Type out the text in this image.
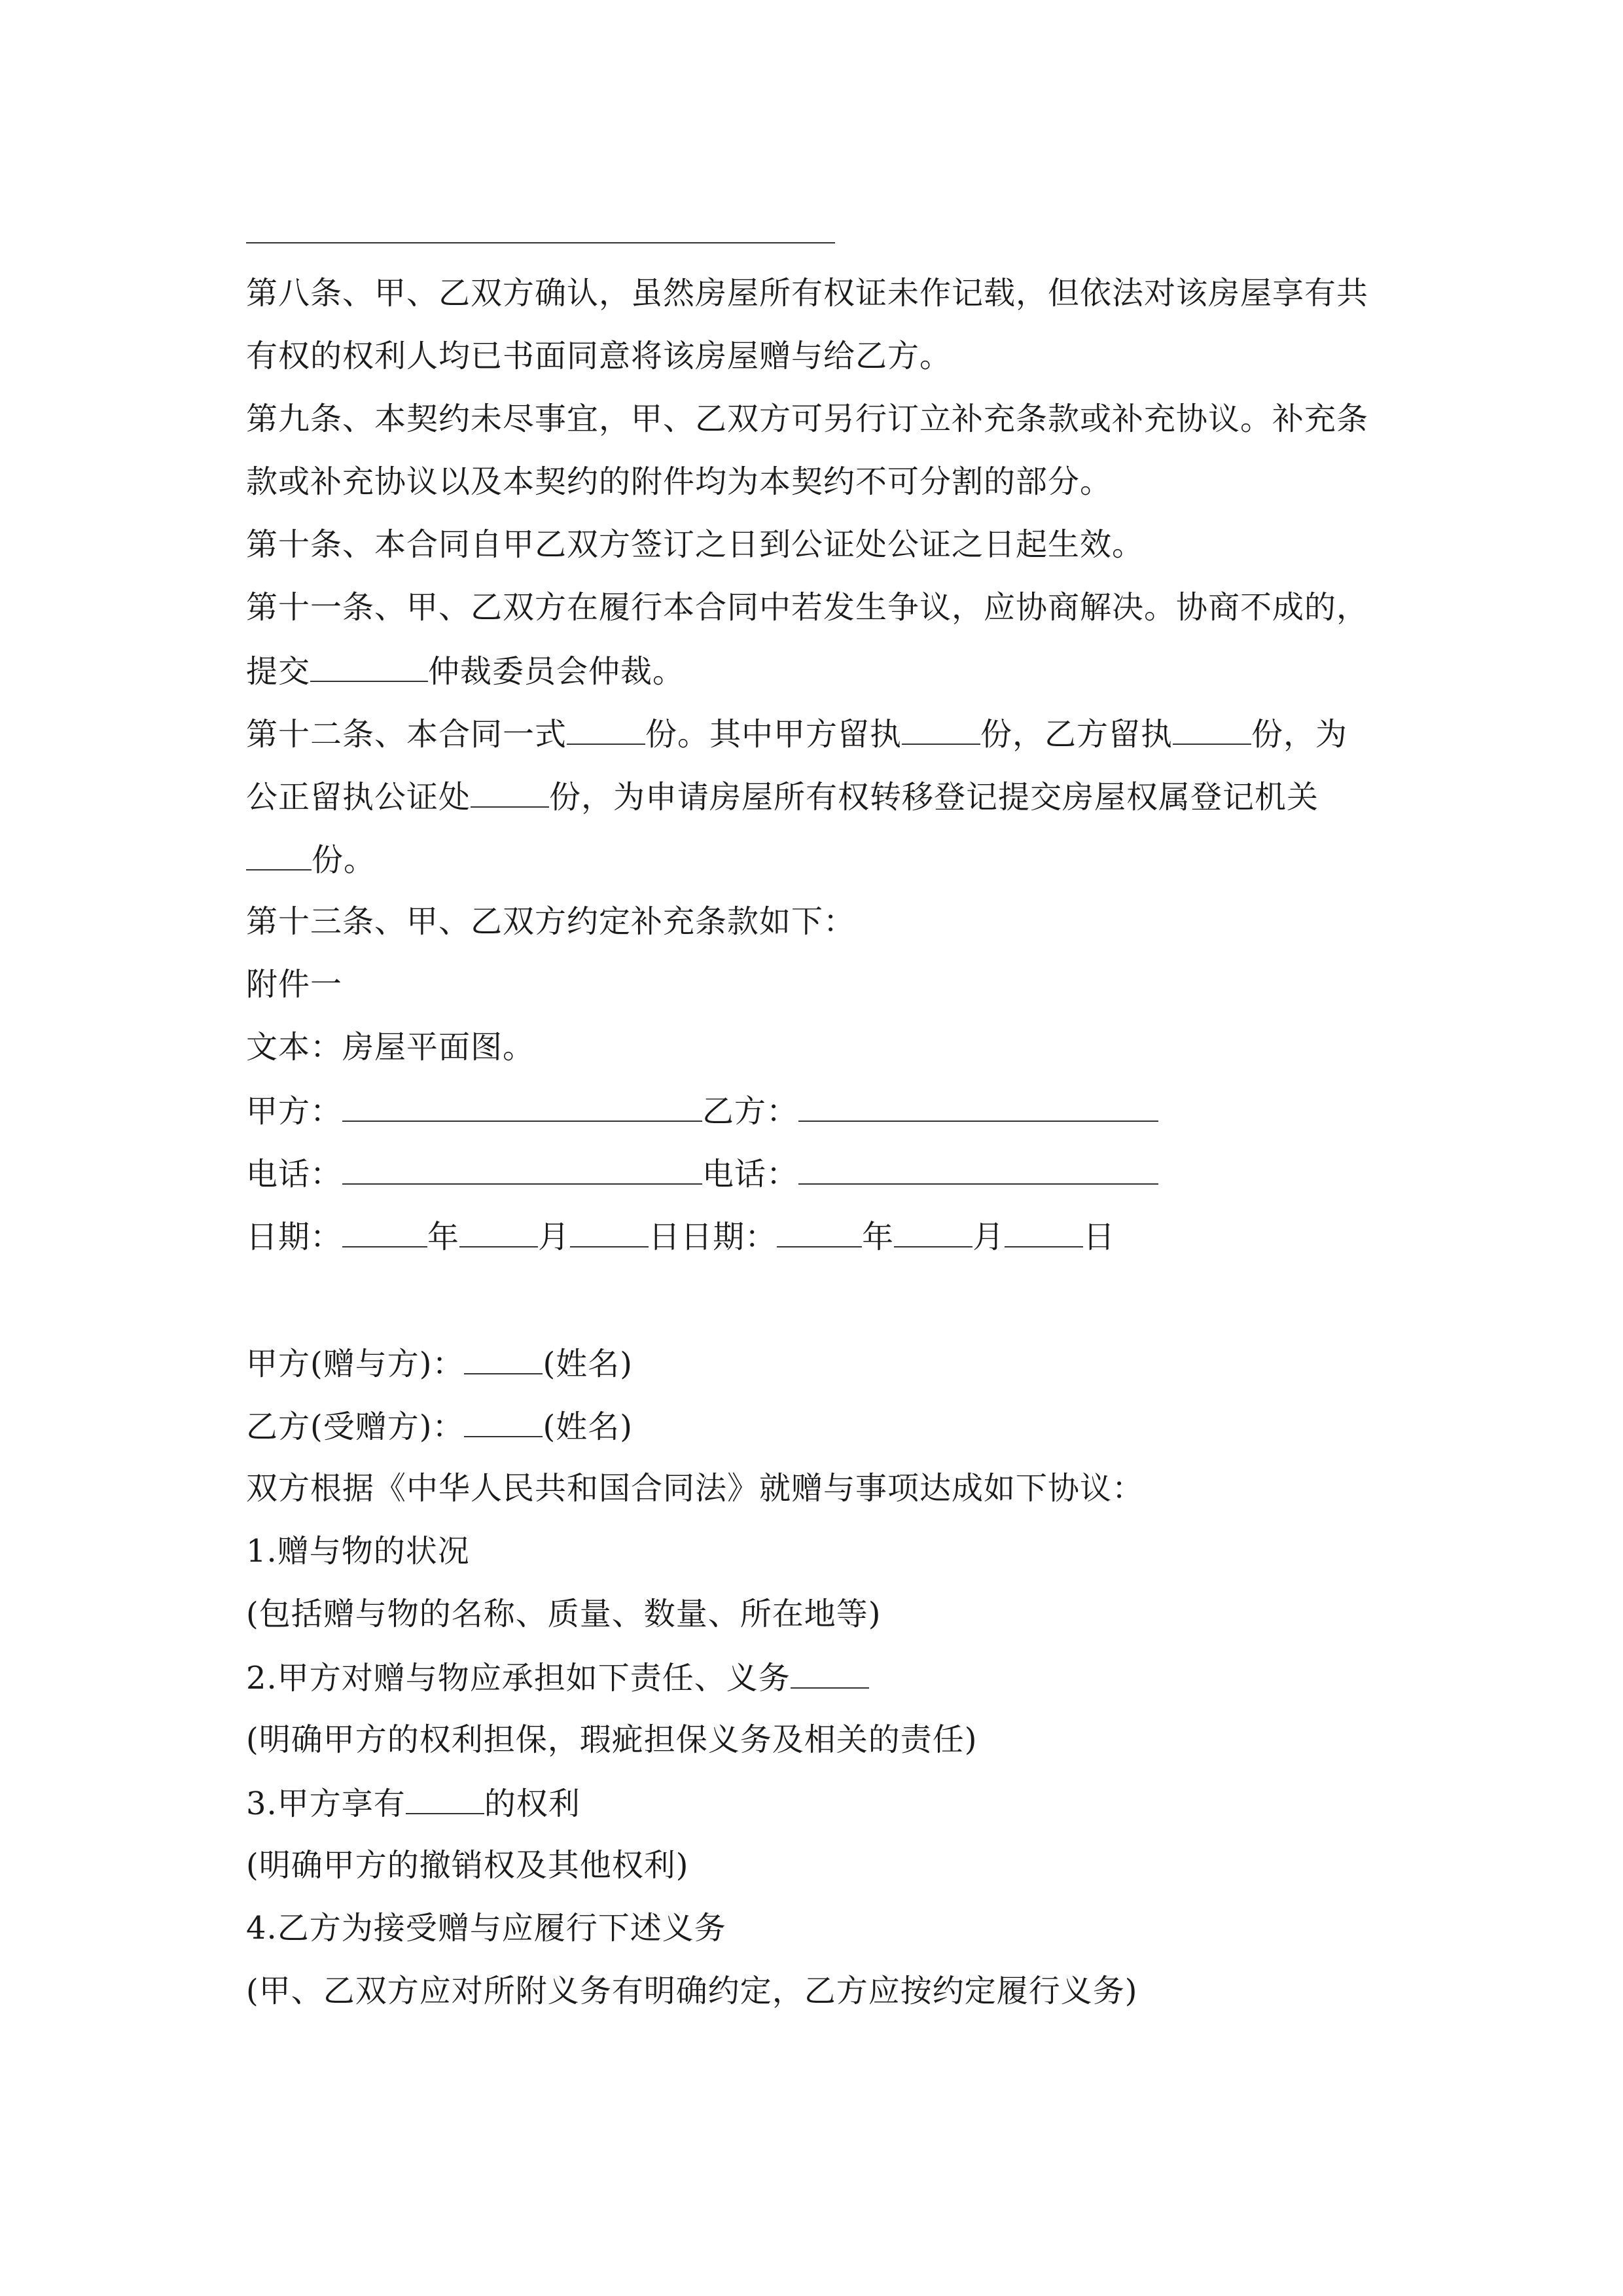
第八条、甲、乙双方确认，虽然房屋所有权证未作记载，但依法对该房屋享有共

有权的权利人均已书面同意将该房屋赠与给乙方。

第九条、本契约未尽事宜，甲、乙双方可另行订立补充条款或补充协议。补充条

款或补充协议以及本契约的附件均为本契约不可分割的部分。

第十条、本合同自甲乙双方签订之日到公证处公证之日起生效。

第十一条、甲、乙双方在履行本合同中若发生争议，应协商解决。协商不成的，

提交	仲裁委员会仲裁。

第十二条、本合同一式	份。其中甲方留执	份，乙方留执	份，为

公正留执公证处	份，为申请房屋所有权转移登记提交房屋权属登记机关

份。

第十三条、甲、乙双方约定补充条款如下：

附件一

文本：房屋平面图。

甲方：	乙方：

电话：	电话：

日期：	年	月	日日期：	年	月	日

甲方(赠与方)：	(姓名)

乙方(受赠方)：	(姓名)

双方根据《中华人民共和国合同法》就赠与事项达成如下协议：

1.赠与物的状况

(包括赠与物的名称、质量、数量、所在地等)

2.甲方对赠与物应承担如下责任、义务

(明确甲方的权利担保，瑕疵担保义务及相关的责任)

3.甲方享有	的权利

(明确甲方的撤销权及其他权利)

4.乙方为接受赠与应履行下述义务

(甲、乙双方应对所附义务有明确约定，乙方应按约定履行义务)
